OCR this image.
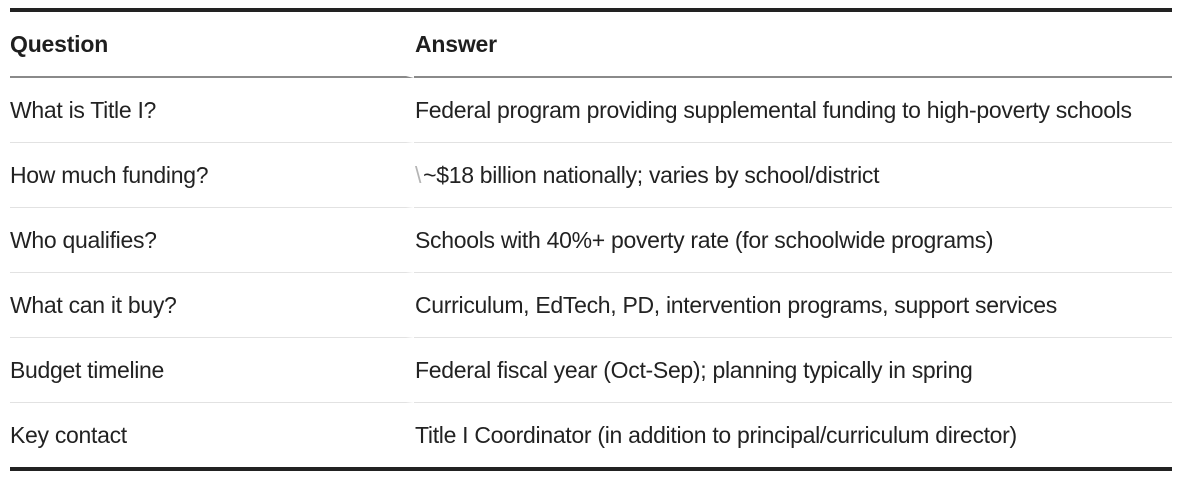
Question	Answer
What is Title I?	Federal program providing supplemental funding to high-poverty schools
How much funding?	\~$18 billion nationally; varies by school/district
Who qualifies?	Schools with 40%+ poverty rate (for schoolwide programs)
What can it buy?	Curriculum, EdTech, PD, intervention programs, support services
Budget timeline	Federal fiscal year (Oct-Sep); planning typically in spring
Key contact	Title I Coordinator (in addition to principal/curriculum director)
